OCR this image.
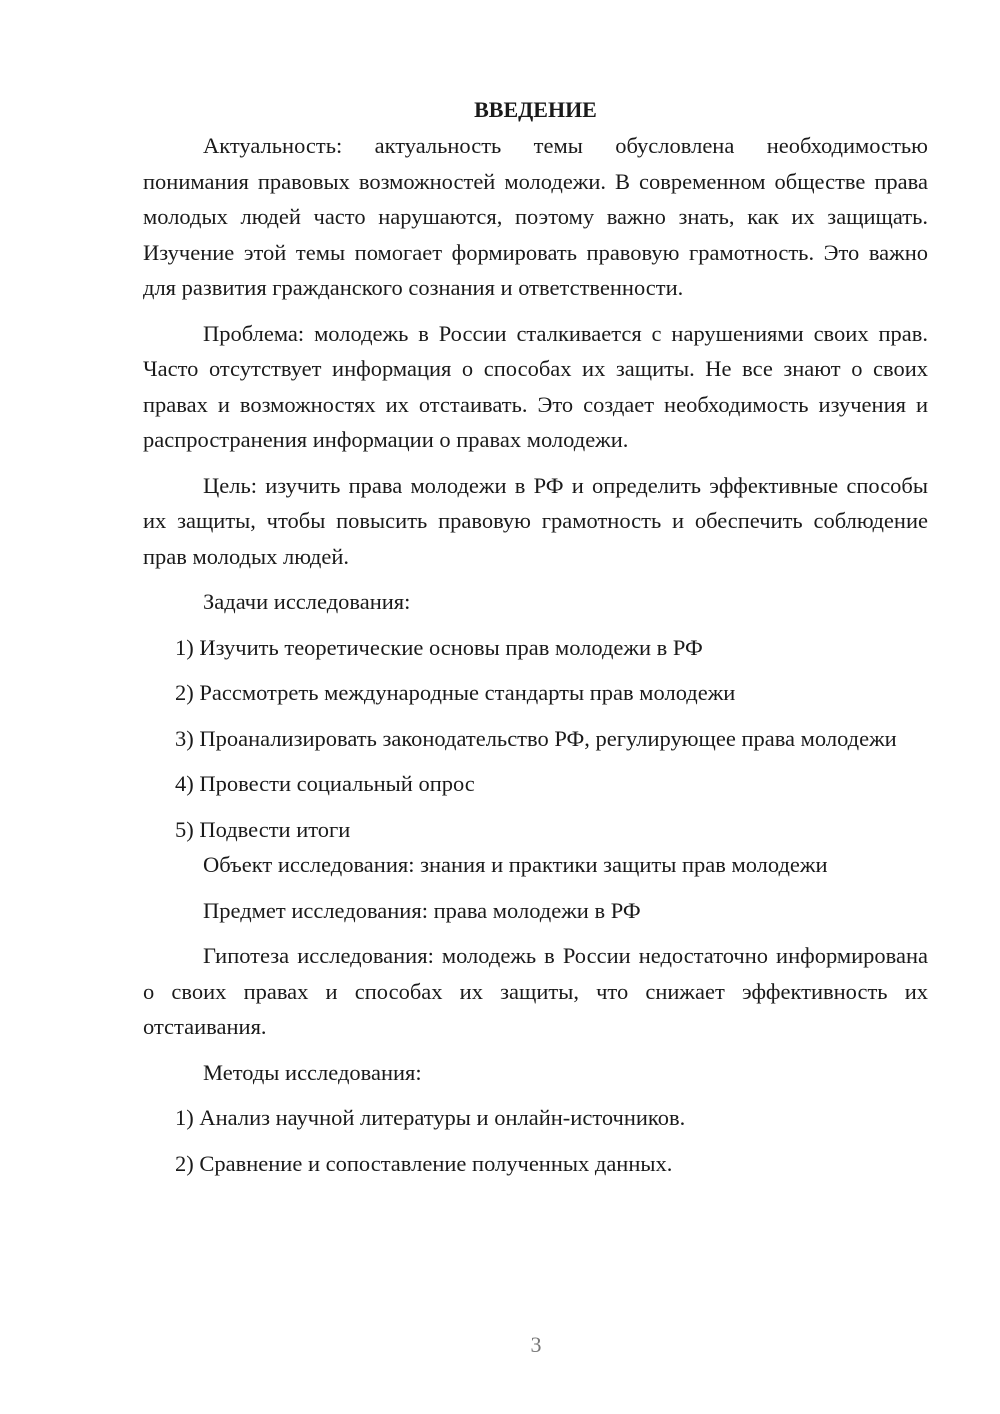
ВВЕДЕНИЕ

Актуальность: актуальность темы обусловлена необходимостью понимания правовых возможностей молодежи. В современном обществе права молодых людей часто нарушаются, поэтому важно знать, как их защищать. Изучение этой темы помогает формировать правовую грамотность. Это важно для развития гражданского сознания и ответственности.

Проблема: молодежь в России сталкивается с нарушениями своих прав. Часто отсутствует информация о способах их защиты. Не все знают о своих правах и возможностях их отстаивать. Это создает необходимость изучения и распространения информации о правах молодежи.

Цель: изучить права молодежи в РФ и определить эффективные способы их защиты, чтобы повысить правовую грамотность и обеспечить соблюдение прав молодых людей.

Задачи исследования:

1) Изучить теоретические основы прав молодежи в РФ

2) Рассмотреть международные стандарты прав молодежи

3) Проанализировать законодательство РФ, регулирующее права молодежи

4) Провести социальный опрос

5) Подвести итоги

Объект исследования: знания и практики защиты прав молодежи

Предмет исследования: права молодежи в РФ

Гипотеза исследования: молодежь в России недостаточно информирована о своих правах и способах их защиты, что снижает эффективность их отстаивания.

Методы исследования:

1) Анализ научной литературы и онлайн-источников.

2) Сравнение и сопоставление полученных данных.

3
